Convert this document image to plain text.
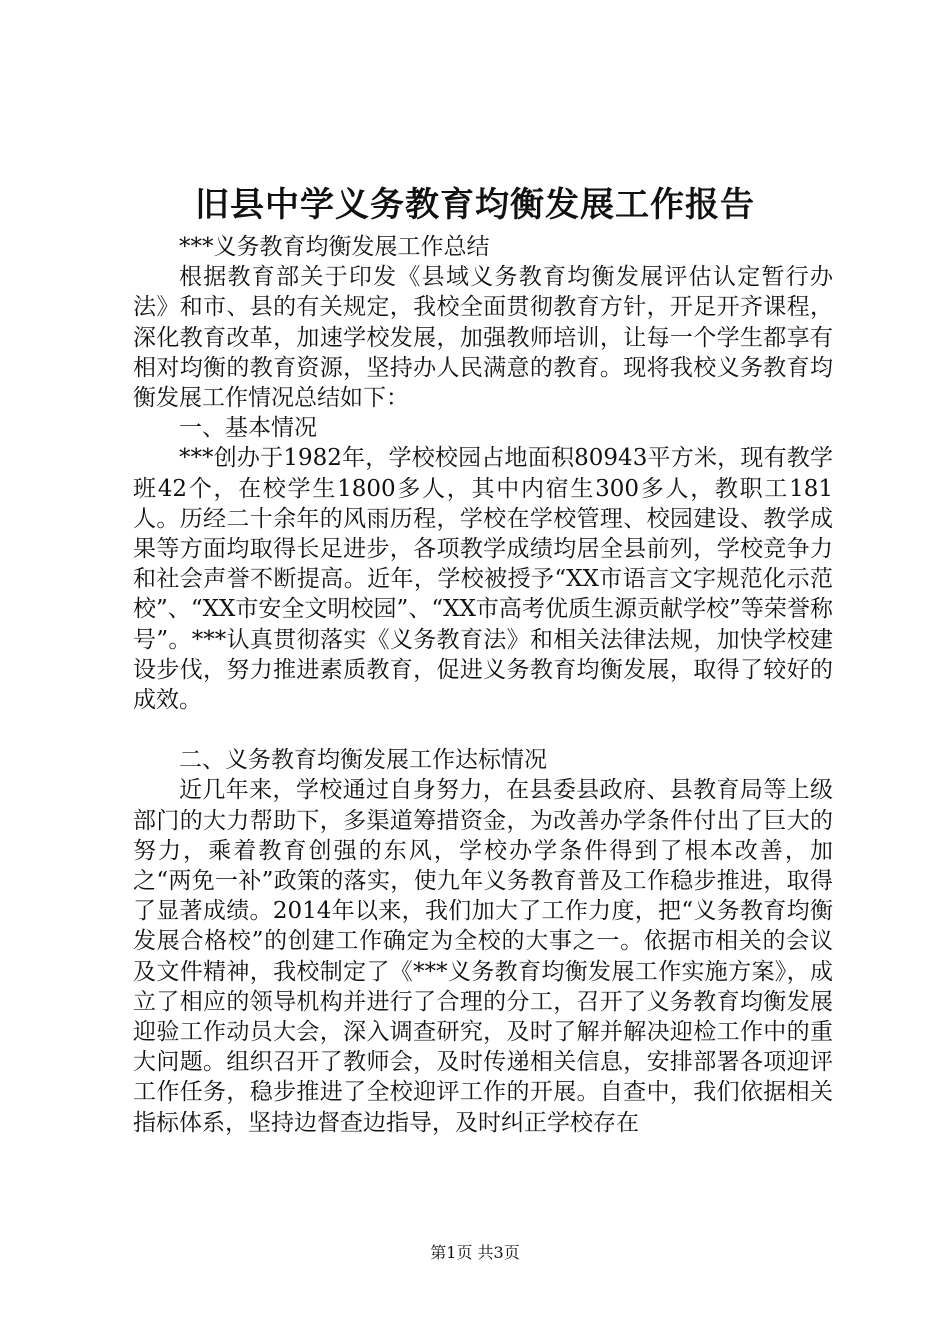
旧县中学义务教育均衡发展工作报告

***义务教育均衡发展工作总结

根据教育部关于印发《县域义务教育均衡发展评估认定暂行办法》和市、县的有关规定，我校全面贯彻教育方针，开足开齐课程，深化教育改革，加速学校发展，加强教师培训，让每一个学生都享有相对均衡的教育资源，坚持办人民满意的教育。现将我校义务教育均衡发展工作情况总结如下：

一、基本情况

***创办于1982年，学校校园占地面积80943平方米，现有教学班42个，在校学生1800多人，其中内宿生300多人，教职工181人。历经二十余年的风雨历程，学校在学校管理、校园建设、教学成果等方面均取得长足进步，各项教学成绩均居全县前列，学校竞争力和社会声誉不断提高。近年，学校被授予“XX市语言文字规范化示范校”、“XX市安全文明校园”、“XX市高考优质生源贡献学校”等荣誉称号”。***认真贯彻落实《义务教育法》和相关法律法规，加快学校建设步伐，努力推进素质教育，促进义务教育均衡发展，取得了较好的成效。

二、义务教育均衡发展工作达标情况

近几年来，学校通过自身努力，在县委县政府、县教育局等上级部门的大力帮助下，多渠道筹措资金，为改善办学条件付出了巨大的努力，乘着教育创强的东风，学校办学条件得到了根本改善，加之“两免一补”政策的落实，使九年义务教育普及工作稳步推进，取得了显著成绩。2014年以来，我们加大了工作力度，把“义务教育均衡发展合格校”的创建工作确定为全校的大事之一。依据市相关的会议及文件精神，我校制定了《***义务教育均衡发展工作实施方案》，成立了相应的领导机构并进行了合理的分工，召开了义务教育均衡发展迎验工作动员大会，深入调查研究，及时了解并解决迎检工作中的重大问题。组织召开了教师会，及时传递相关信息，安排部署各项迎评工作任务，稳步推进了全校迎评工作的开展。自查中，我们依据相关指标体系，坚持边督查边指导，及时纠正学校存在

第1页 共3页
